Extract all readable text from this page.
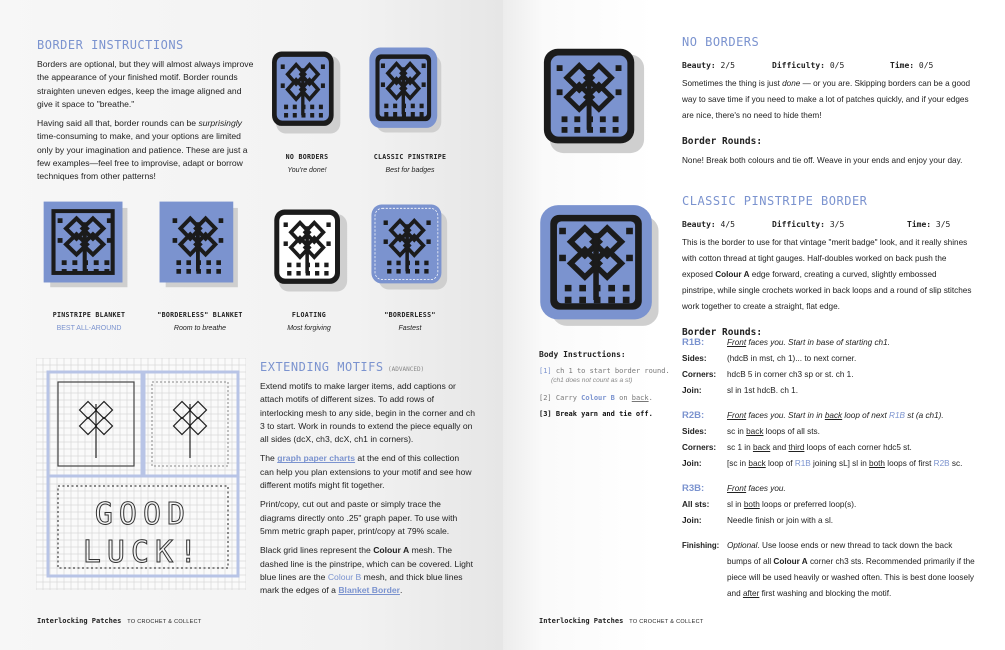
BORDER INSTRUCTIONS

Borders are optional, but they will almost always improve the appearance of your finished motif. Border rounds straighten uneven edges, keep the image aligned and give it space to "breathe."

Having said all that, border rounds can be surprisingly time-consuming to make, and your options are limited only by your imagination and patience. These are just a few examples—feel free to improvise, adapt or borrow techniques from other patterns!

NO BORDERS
You're done!
CLASSIC PINSTRIPE
Best for badges
PINSTRIPE BLANKET
BEST ALL-AROUND
"BORDERLESS" BLANKET
Room to breathe
FLOATING
Most forgiving
"BORDERLESS"
Fastest
GOOD
LUCK!
EXTENDING MOTIFS (ADVANCED)

Extend motifs to make larger items, add captions or attach motifs of different sizes. To add rows of interlocking mesh to any side, begin in the corner and ch 3 to start. Work in rounds to extend the piece equally on all sides (dcX, ch3, dcX, ch1 in corners).

The graph paper charts at the end of this collection can help you plan extensions to your motif and see how different motifs might fit together.

Print/copy, cut out and paste or simply trace the diagrams directly onto .25" graph paper. To use with 5mm metric graph paper, print/copy at 79% scale.

Black grid lines represent the Colour A mesh. The dashed line is the pinstripe, which can be covered. Light blue lines are the Colour B mesh, and thick blue lines mark the edges of a Blanket Border.

Interlocking Patches TO CROCHET & COLLECT
NO BORDERS
Beauty: 2/5	Difficulty: 0/5	Time: 0/5
Sometimes the thing is just done — or you are. Skipping borders can be a good way to save time if you need to make a lot of patches quickly, and if your edges are nice, there's no need to hide them!
Border Rounds:
None! Break both colours and tie off. Weave in your ends and enjoy your day.
CLASSIC PINSTRIPE BORDER
Beauty: 4/5	Difficulty: 3/5	Time: 3/5
This is the border to use for that vintage "merit badge" look, and it really shines with cotton thread at tight gauges. Half-doubles worked on back push the exposed Colour A edge forward, creating a curved, slightly embossed pinstripe, while single crochets worked in back loops and a round of slip stitches work together to create a straight, flat edge.
Border Rounds:
Body Instructions:
[1] ch 1 to start border round.
(ch1 does not count as a st)
[2] Carry Colour B on back.
[3] Break yarn and tie off.
R1B:	Front faces you. Start in base of starting ch1.
Sides:	(hdcB in mst, ch 1)... to next corner.
Corners:	hdcB 5 in corner ch3 sp or st. ch 1.
Join:	sl in 1st hdcB. ch 1.
R2B:	Front faces you. Start in in back loop of next R1B st (a ch1).
Sides:	sc in back loops of all sts.
Corners:	sc 1 in back and third loops of each corner hdc5 st.
Join:	[sc in back loop of R1B joining sL] sl in both loops of first R2B sc.
R3B:	Front faces you.
All sts:	sl in both loops or preferred loop(s).
Join:	Needle finish or join with a sl.
Finishing: Optional. Use loose ends or new thread to tack down the back bumps of all Colour A corner ch3 sts. Recommended primarily if the piece will be used heavily or washed often. This is best done loosely and after first washing and blocking the motif.
Interlocking Patches TO CROCHET & COLLECT
